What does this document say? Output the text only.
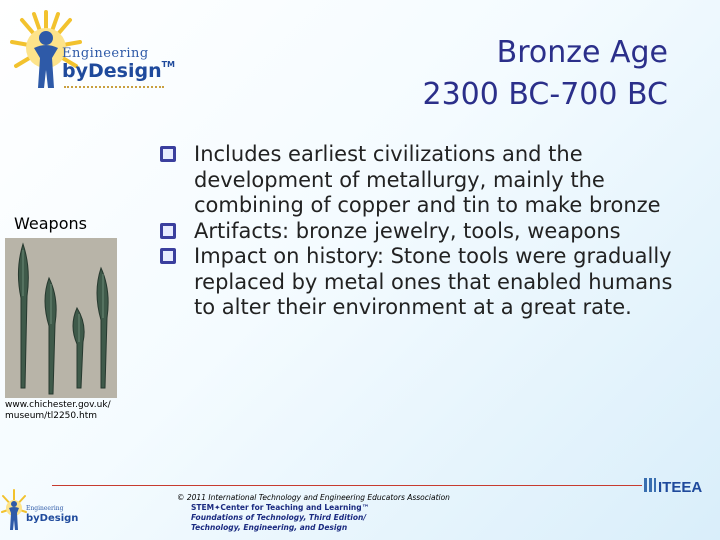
Engineering
byDesign™	Bronze Age
2300 BC-700 BC
Weapons
www.chichester.gov.uk/
museum/tl2250.htm
Includes earliest civilizations and the development of metallurgy, mainly the combining of copper and tin to make bronze
Artifacts: bronze jewelry, tools, weapons
Impact on history: Stone tools were gradually replaced by metal ones that enabled humans to alter their environment at a great rate.
Engineering
byDesign
© 2011 International Technology and Engineering Educators Association
STEM✦Center for Teaching and Learning™
Foundations of Technology, Third Edition/
Technology, Engineering, and Design
ITEEA
